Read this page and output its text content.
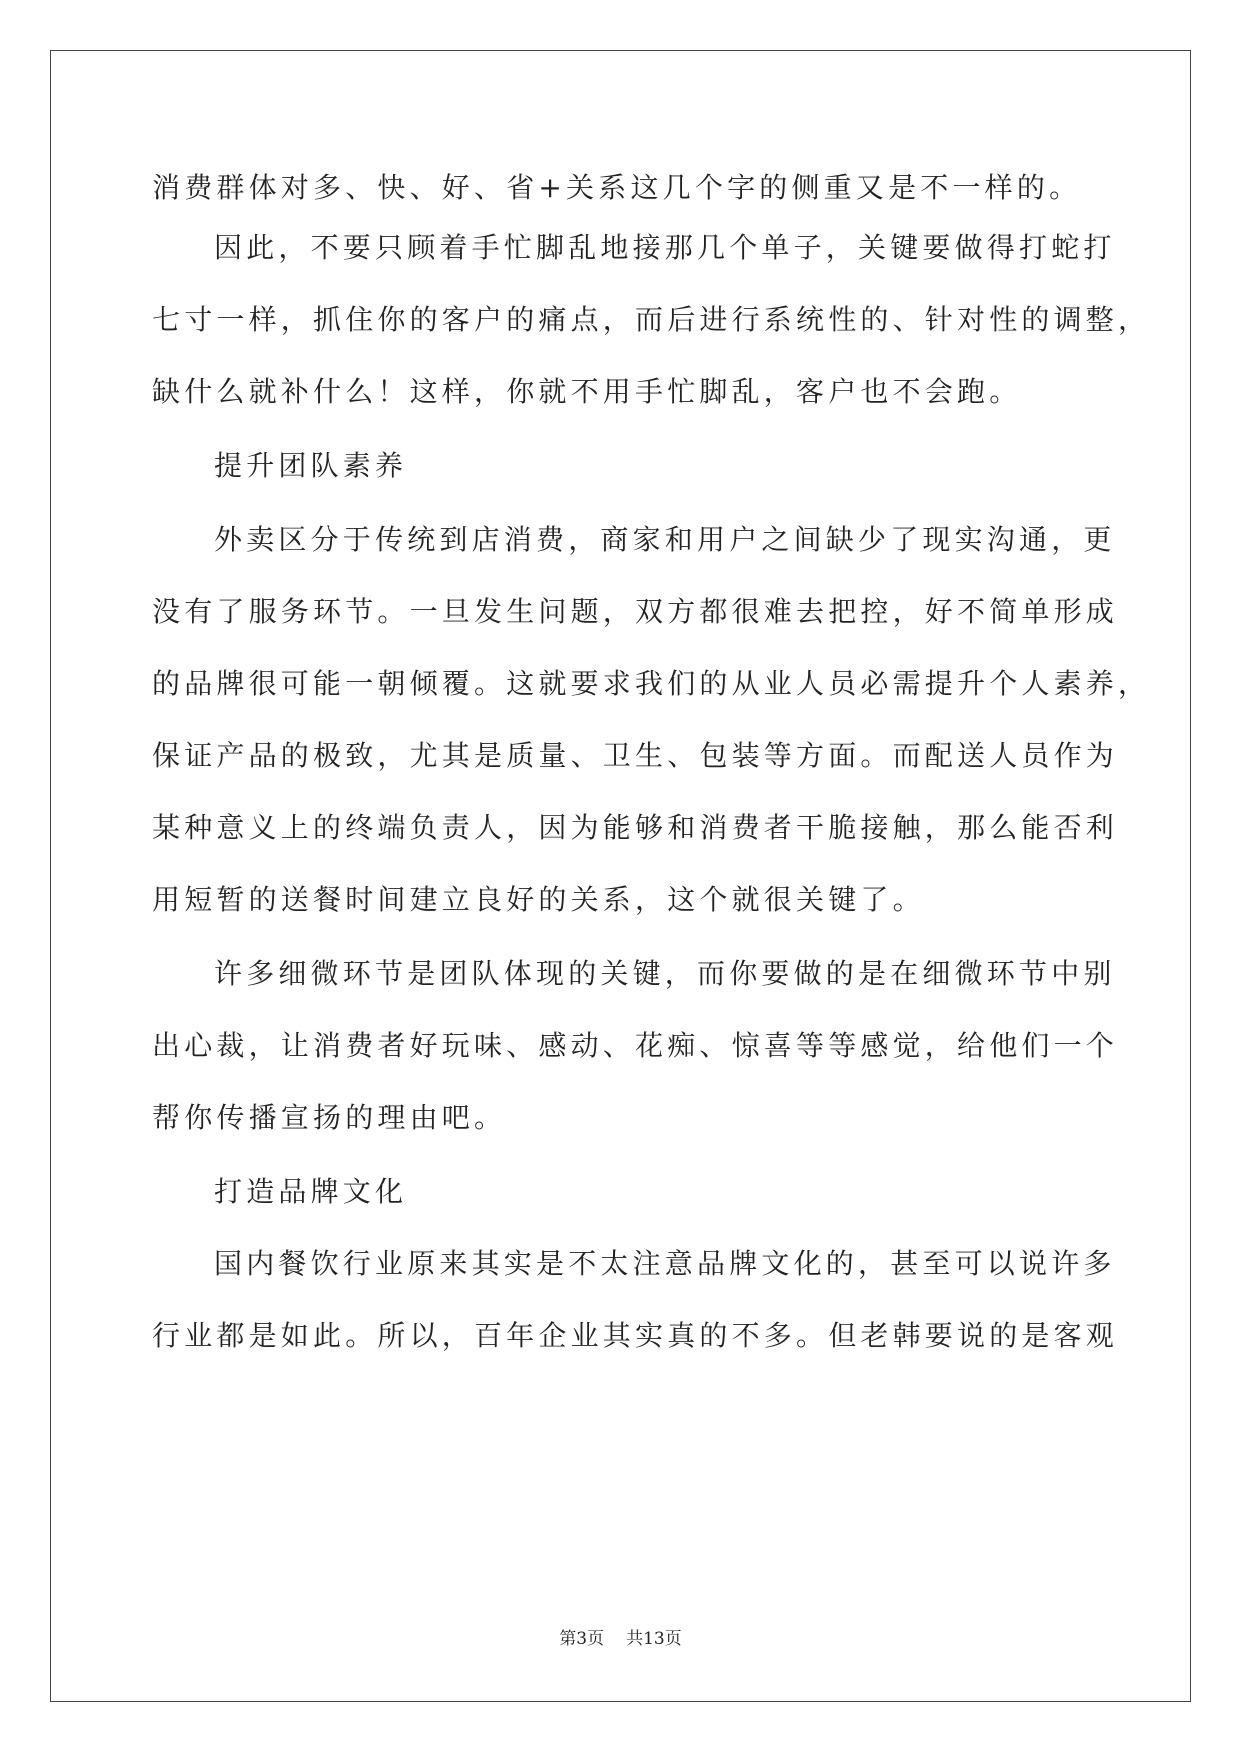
消费群体对多、快、好、省+关系这几个字的侧重又是不一样的。
因此，不要只顾着手忙脚乱地接那几个单子，关键要做得打蛇打
七寸一样，抓住你的客户的痛点，而后进行系统性的、针对性的调整，
缺什么就补什么！这样，你就不用手忙脚乱，客户也不会跑。
提升团队素养
外卖区分于传统到店消费，商家和用户之间缺少了现实沟通，更
没有了服务环节。一旦发生问题，双方都很难去把控，好不简单形成
的品牌很可能一朝倾覆。这就要求我们的从业人员必需提升个人素养，
保证产品的极致，尤其是质量、卫生、包装等方面。而配送人员作为
某种意义上的终端负责人，因为能够和消费者干脆接触，那么能否利
用短暂的送餐时间建立良好的关系，这个就很关键了。
许多细微环节是团队体现的关键，而你要做的是在细微环节中别
出心裁，让消费者好玩味、感动、花痴、惊喜等等感觉，给他们一个
帮你传播宣扬的理由吧。
打造品牌文化
国内餐饮行业原来其实是不太注意品牌文化的，甚至可以说许多
行业都是如此。所以，百年企业其实真的不多。但老韩要说的是客观
第3页 共13页
